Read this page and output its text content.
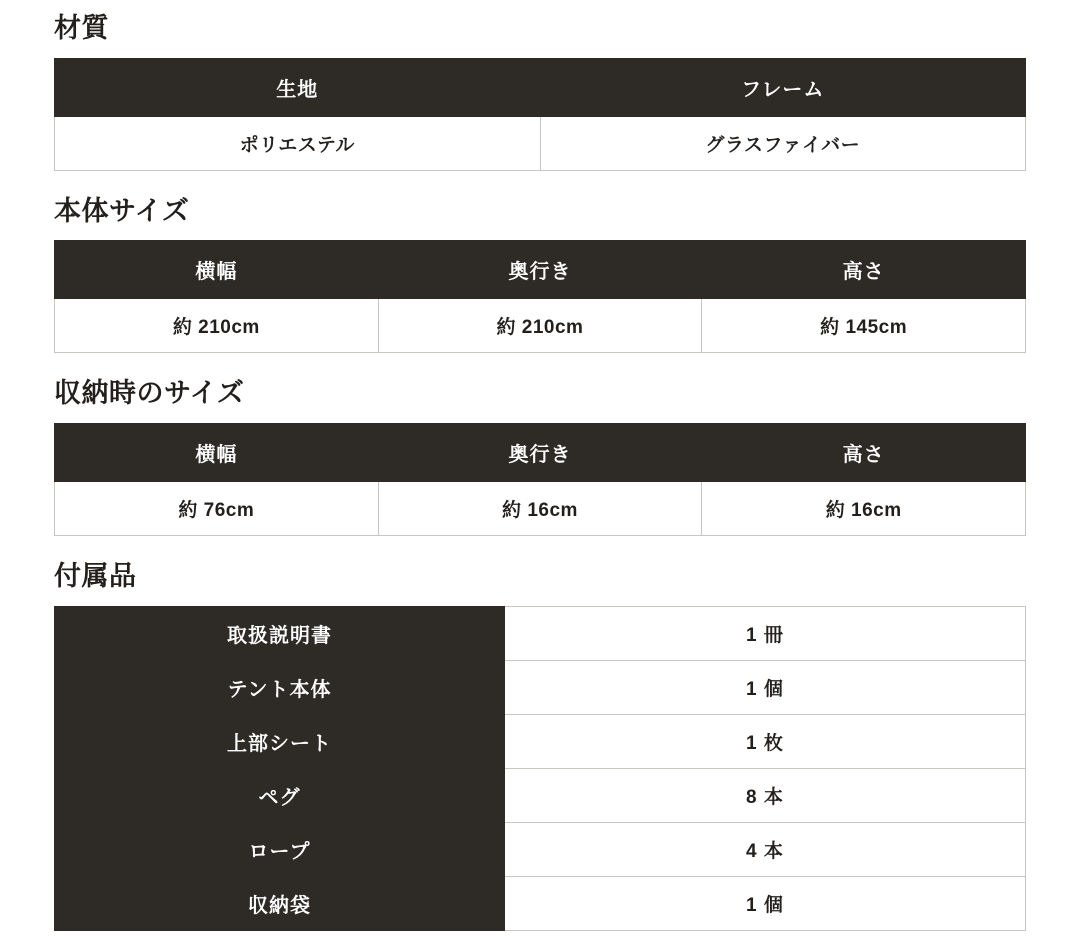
材質
生地	フレーム
ポリエステル	グラスファイバー
本体サイズ
横幅	奥行き	高さ
約 210cm	約 210cm	約 145cm
収納時のサイズ
横幅	奥行き	高さ
約 76cm	約 16cm	約 16cm
付属品
取扱説明書	1 冊
テント本体	1 個
上部シート	1 枚
ペグ	8 本
ロープ	4 本
収納袋	1 個
